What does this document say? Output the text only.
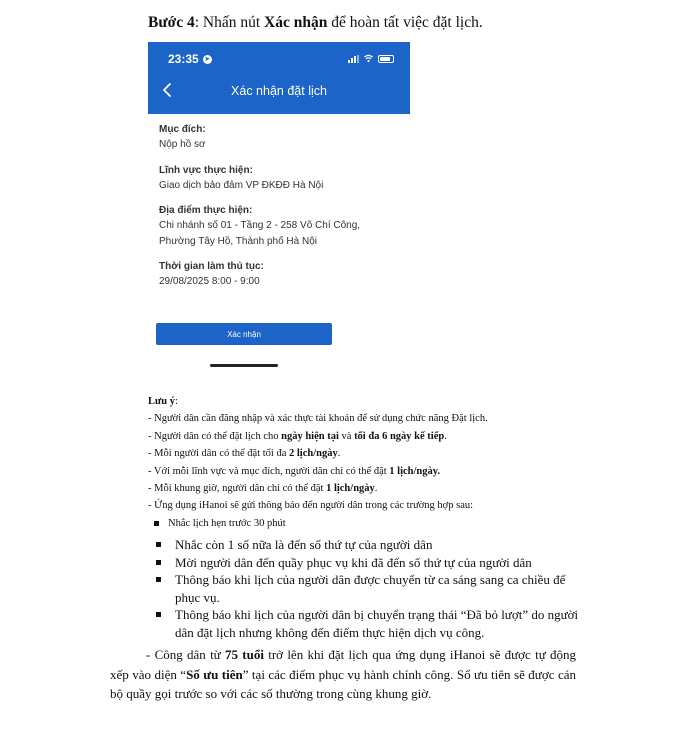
Bước 4: Nhấn nút Xác nhận để hoàn tất việc đặt lịch.
23:35 ➤
Xác nhận đặt lịch
Mục đích:
Nộp hồ sơ
Lĩnh vực thực hiện:
Giao dịch bảo đảm VP ĐKĐĐ Hà Nội
Địa điểm thực hiện:
Chi nhánh số 01 - Tầng 2 - 258 Võ Chí Công,
Phường Tây Hồ, Thành phố Hà Nội
Thời gian làm thủ tục:
29/08/2025 8:00 - 9:00
Xác nhận
Lưu ý:
- Người dân cần đăng nhập và xác thực tài khoản để sử dụng chức năng Đặt lịch.
- Người dân có thể đặt lịch cho ngày hiện tại và tối đa 6 ngày kế tiếp.
- Mỗi người dân có thể đặt tối đa 2 lịch/ngày.
- Với mỗi lĩnh vực và mục đích, người dân chỉ có thể đặt 1 lịch/ngày.
- Mỗi khung giờ, người dân chỉ có thể đặt 1 lịch/ngày.
- Ứng dụng iHanoi sẽ gửi thông báo đến người dân trong các trường hợp sau:
Nhắc lịch hẹn trước 30 phút
Nhắc còn 1 số nữa là đến số thứ tự của người dân
Mời người dân đến quầy phục vụ khi đã đến số thứ tự của người dân
Thông báo khi lịch của người dân được chuyển từ ca sáng sang ca chiều để phục vụ.
Thông báo khi lịch của người dân bị chuyển trạng thái “Đã bỏ lượt” do người dân đặt lịch nhưng không đến điểm thực hiện dịch vụ công.
- Công dân từ 75 tuổi trở lên khi đặt lịch qua ứng dụng iHanoi sẽ được tự động xếp vào diện “Số ưu tiên” tại các điểm phục vụ hành chính công. Số ưu tiên sẽ được cán bộ quầy gọi trước so với các số thường trong cùng khung giờ.
